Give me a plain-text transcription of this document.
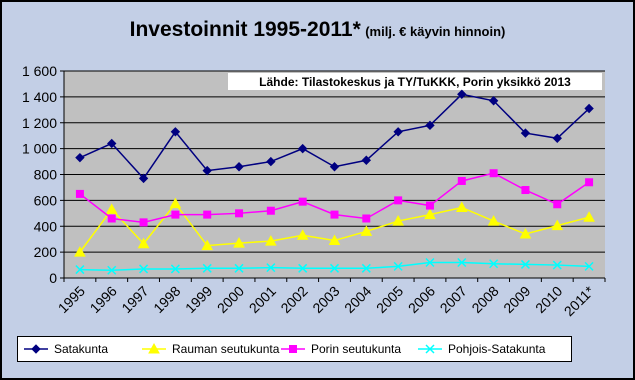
Investoinnit 1995-2011* (milj. € käyvin hinnoin)
0
200
400
600
800
1 000
1 200
1 400
1 600
1995
1996
1997
1998
1999
2000
2001
2002
2003
2004
2005
2006
2007
2008
2009
2010
2011*
Lähde: Tilastokeskus ja TY/TuKKK, Porin yksikkö 2013
Satakunta	Rauman seutukunta	Porin seutukunta	Pohjois-Satakunta
